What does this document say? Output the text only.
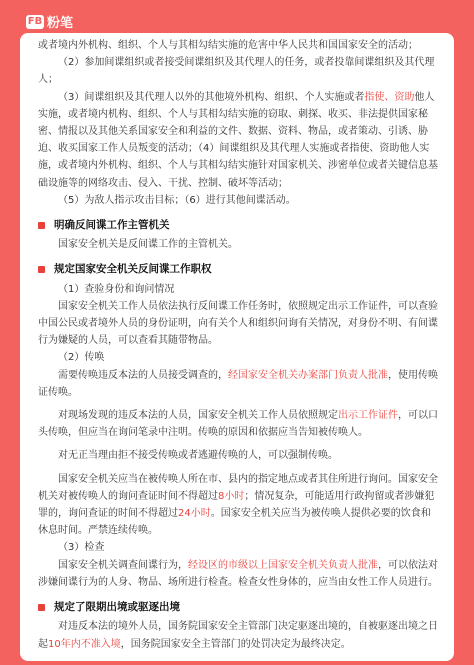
FB 粉笔

或者境内外机构、组织、个人与其相勾结实施的危害中华人民共和国国家安全的活动；

（2）参加间谍组织或者接受间谍组织及其代理人的任务，或者投靠间谍组织及其代理人；

（3）间谍组织及其代理人以外的其他境外机构、组织、个人实施或者指使、资助他人实施，或者境内机构、组织、个人与其相勾结实施的窃取、刺探、收买、非法提供国家秘密、情报以及其他关系国家安全和利益的文件、数据、资料、物品，或者策动、引诱、胁迫、收买国家工作人员叛变的活动；（4）间谍组织及其代理人实施或者指使、资助他人实施，或者境内外机构、组织、个人与其相勾结实施针对国家机关、涉密单位或者关键信息基础设施等的网络攻击、侵入、干扰、控制、破坏等活动；

（5）为敌人指示攻击目标；（6）进行其他间谍活动。

明确反间谍工作主管机关

国家安全机关是反间谍工作的主管机关。

规定国家安全机关反间谍工作职权

（1）查验身份和询问情况

国家安全机关工作人员依法执行反间谍工作任务时，依照规定出示工作证件，可以查验中国公民或者境外人员的身份证明，向有关个人和组织问询有关情况，对身份不明、有间谍行为嫌疑的人员，可以查看其随带物品。

（2）传唤

需要传唤违反本法的人员接受调查的，经国家安全机关办案部门负责人批准，使用传唤证传唤。

对现场发现的违反本法的人员，国家安全机关工作人员依照规定出示工作证件，可以口头传唤，但应当在询问笔录中注明。传唤的原因和依据应当告知被传唤人。

对无正当理由拒不接受传唤或者逃避传唤的人，可以强制传唤。

国家安全机关应当在被传唤人所在市、县内的指定地点或者其住所进行询问。国家安全机关对被传唤人的询问查证时间不得超过8小时；情况复杂，可能适用行政拘留或者涉嫌犯罪的，询问查证的时间不得超过24小时。国家安全机关应当为被传唤人提供必要的饮食和休息时间。严禁连续传唤。

（3）检查

国家安全机关调查间谍行为，经设区的市级以上国家安全机关负责人批准，可以依法对涉嫌间谍行为的人身、物品、场所进行检查。检查女性身体的，应当由女性工作人员进行。

规定了限期出境或驱逐出境

对违反本法的境外人员，国务院国家安全主管部门决定驱逐出境的，自被驱逐出境之日起10年内不准入境，国务院国家安全主管部门的处罚决定为最终决定。
